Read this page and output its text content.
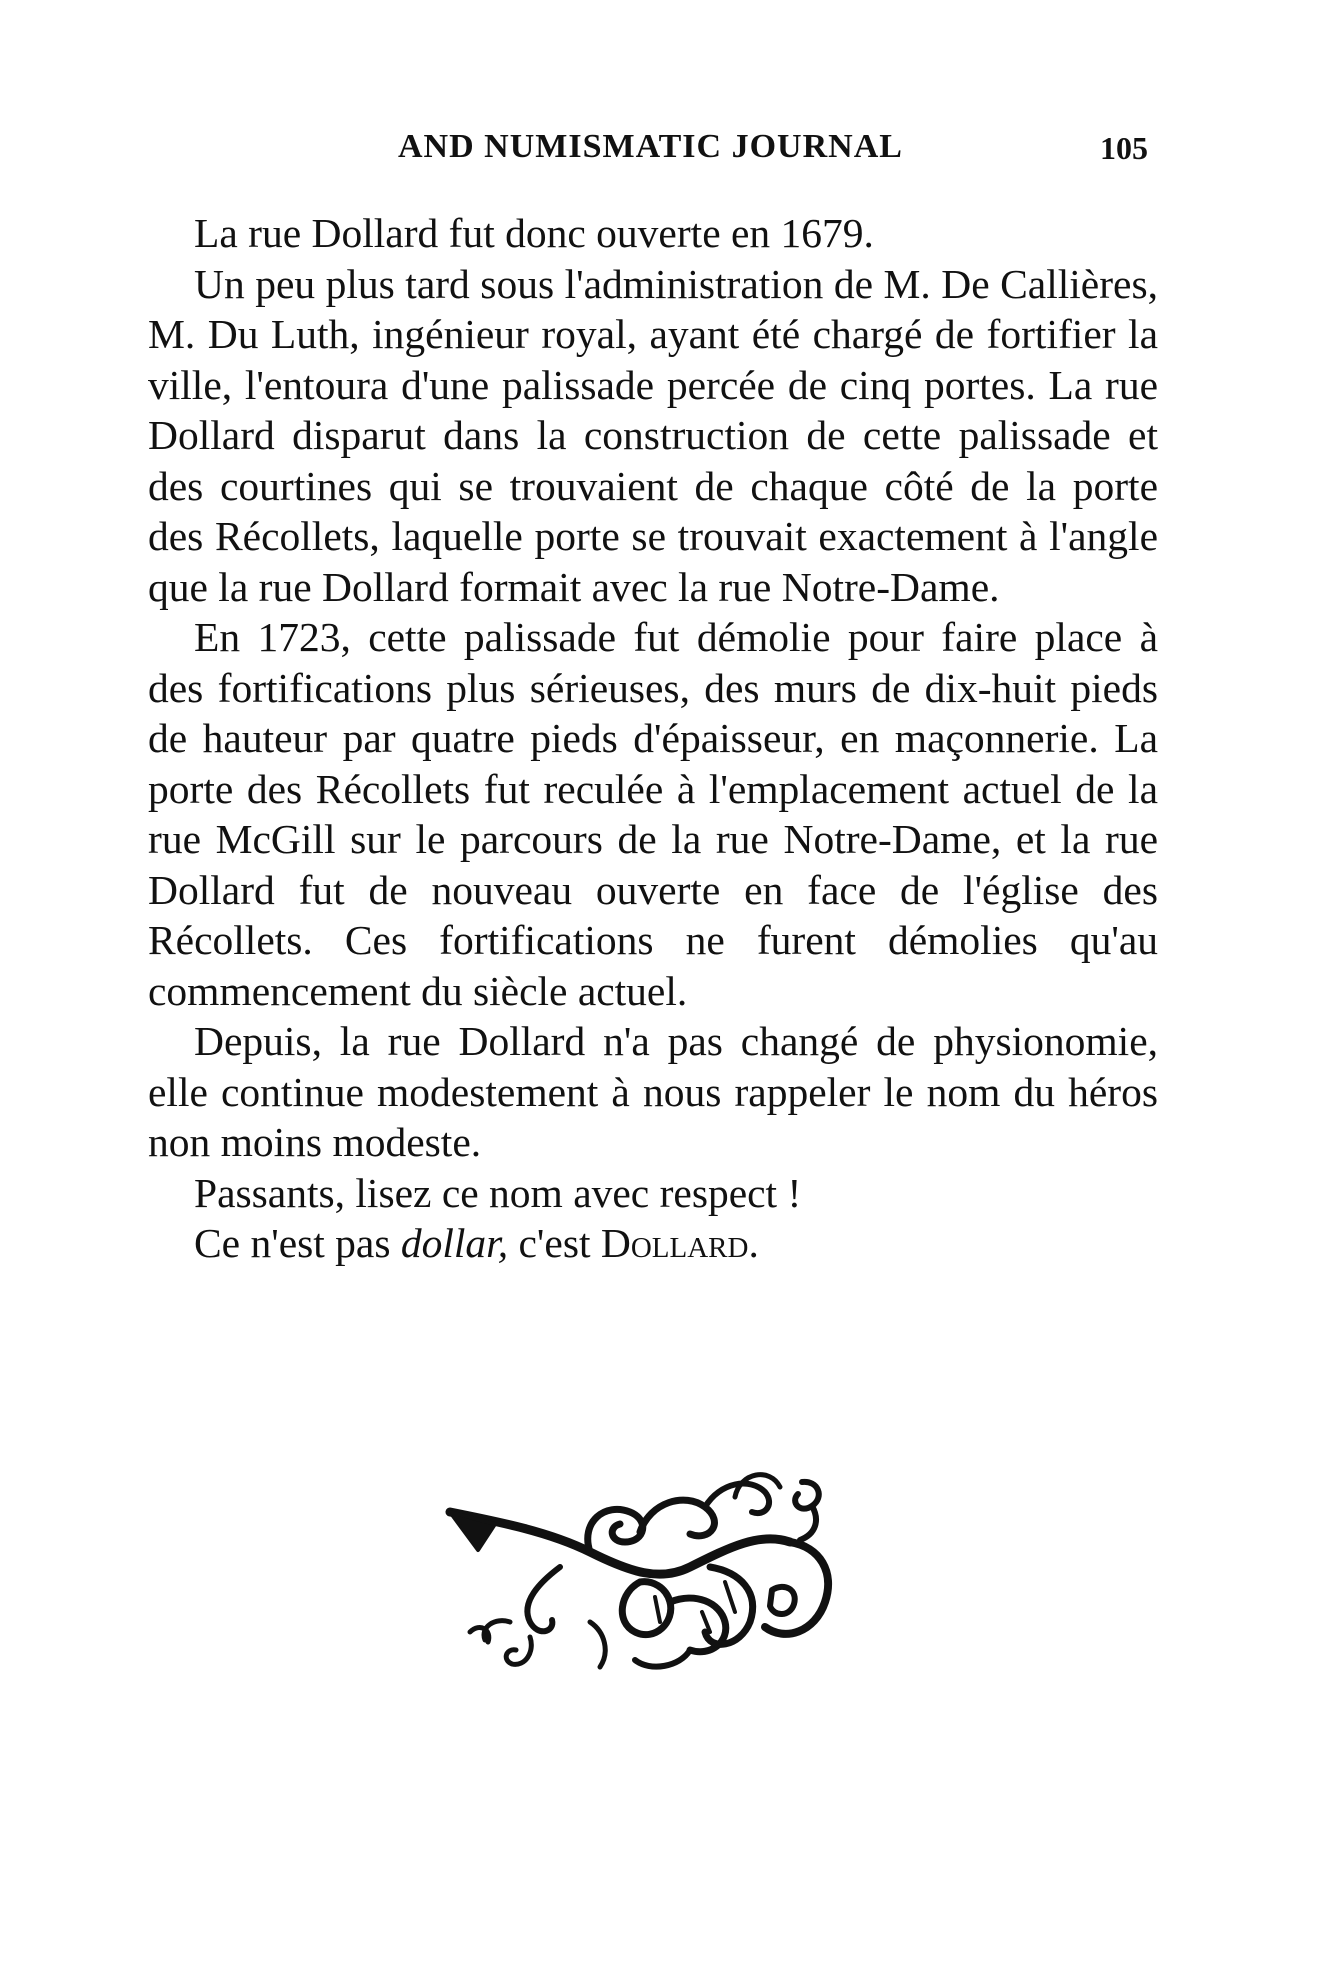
AND NUMISMATIC JOURNAL	105

La rue Dollard fut donc ouverte en 1679.

Un peu plus tard sous l'administration de M. De Callières, M. Du Luth, ingénieur royal, ayant été chargé de fortifier la ville, l'entoura d'une palissade percée de cinq portes. La rue Dollard disparut dans la construction de cette palissade et des courtines qui se trouvaient de chaque côté de la porte des Récollets, laquelle porte se trouvait exactement à l'angle que la rue Dollard formait avec la rue Notre-Dame.

En 1723, cette palissade fut démolie pour faire place à des fortifications plus sérieuses, des murs de dix-huit pieds de hauteur par quatre pieds d'épaisseur, en maçonnerie. La porte des Récollets fut reculée à l'emplacement actuel de la rue McGill sur le parcours de la rue Notre-Dame, et la rue Dollard fut de nouveau ouverte en face de l'église des Récollets. Ces fortifications ne furent démolies qu'au commencement du siècle actuel.

Depuis, la rue Dollard n'a pas changé de physionomie, elle continue modestement à nous rappeler le nom du héros non moins modeste.

Passants, lisez ce nom avec respect !

Ce n'est pas dollar, c'est Dollard.
